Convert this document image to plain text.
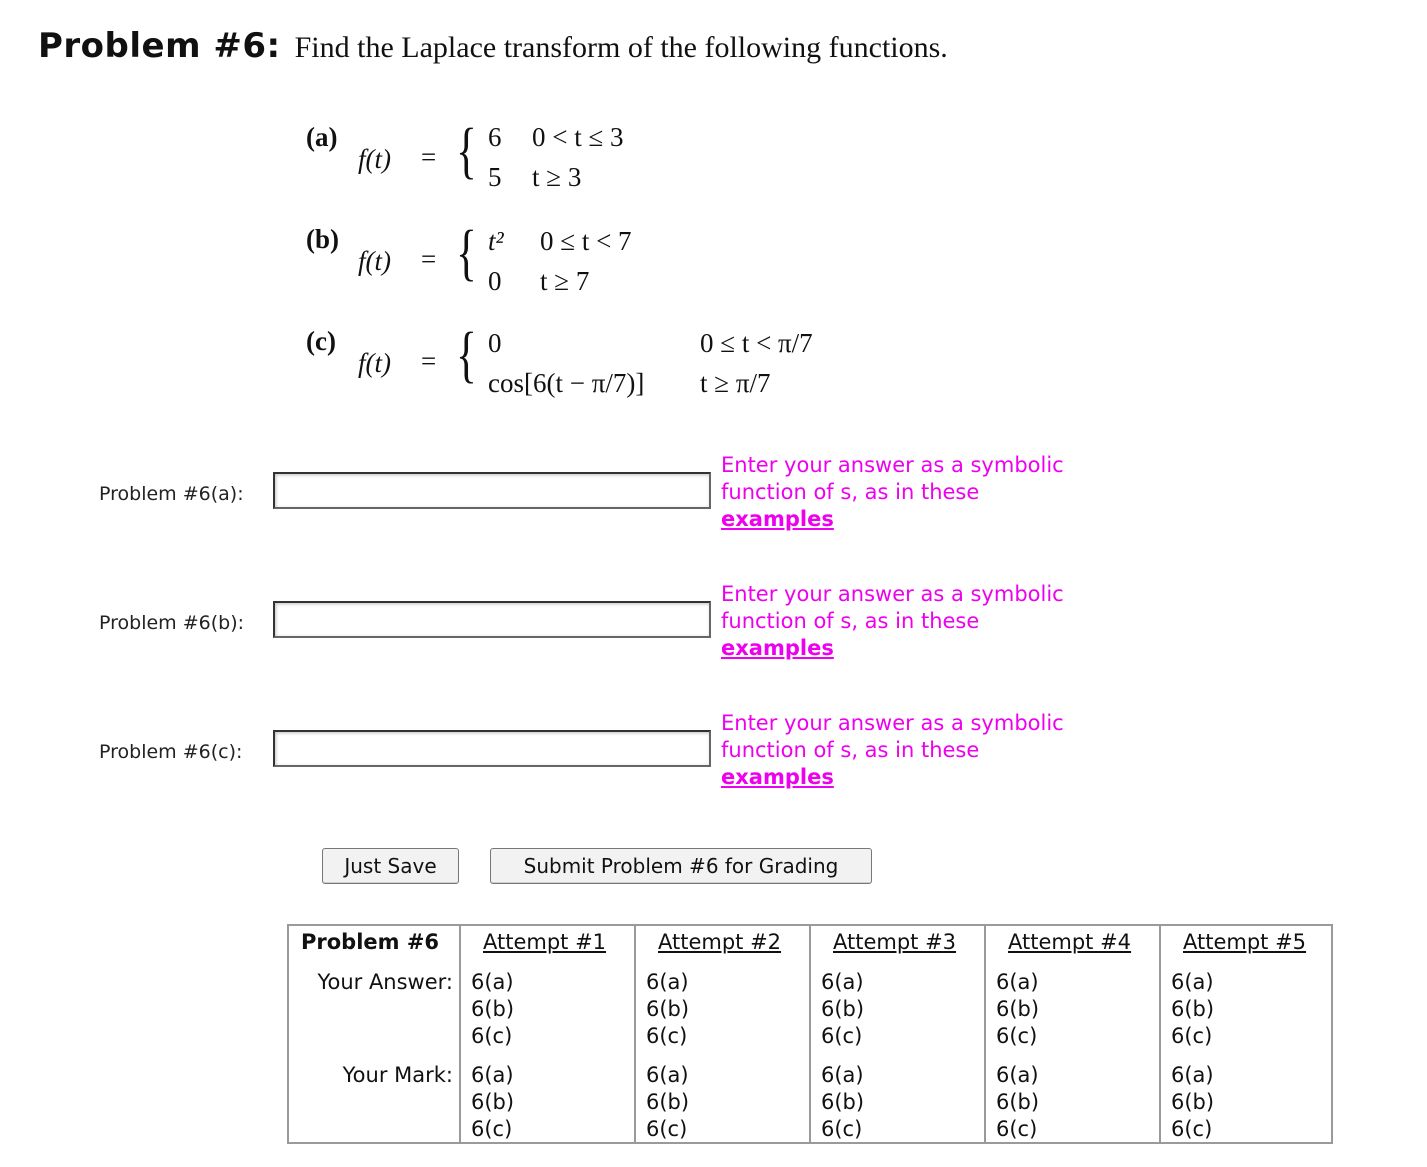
Problem #6: Find the Laplace transform of the following functions.
(a)
f(t) = { 6 0 < t ≤ 3
5 t ≥ 3
(b)
f(t) = { t² 0 ≤ t < 7
0 t ≥ 7
(c)
f(t) = { 0	0 ≤ t < π/7
cos[6(t − π/7)] t ≥ π/7
Problem #6(a):
Enter your answer as a symbolic function of s, as in these
examples
Problem #6(b):
Enter your answer as a symbolic function of s, as in these
examples
Problem #6(c):
Enter your answer as a symbolic function of s, as in these
examples
Just Save	Submit Problem #6 for Grading
Problem #6
Your Answer:
Your Mark:
Attempt #1
6(a)
6(b)
6(c)
6(a)
6(b)
6(c)
Attempt #2
6(a)
6(b)
6(c)
6(a)
6(b)
6(c)
Attempt #3
6(a)
6(b)
6(c)
6(a)
6(b)
6(c)
Attempt #4
6(a)
6(b)
6(c)
6(a)
6(b)
6(c)
Attempt #5
6(a)
6(b)
6(c)
6(a)
6(b)
6(c)
